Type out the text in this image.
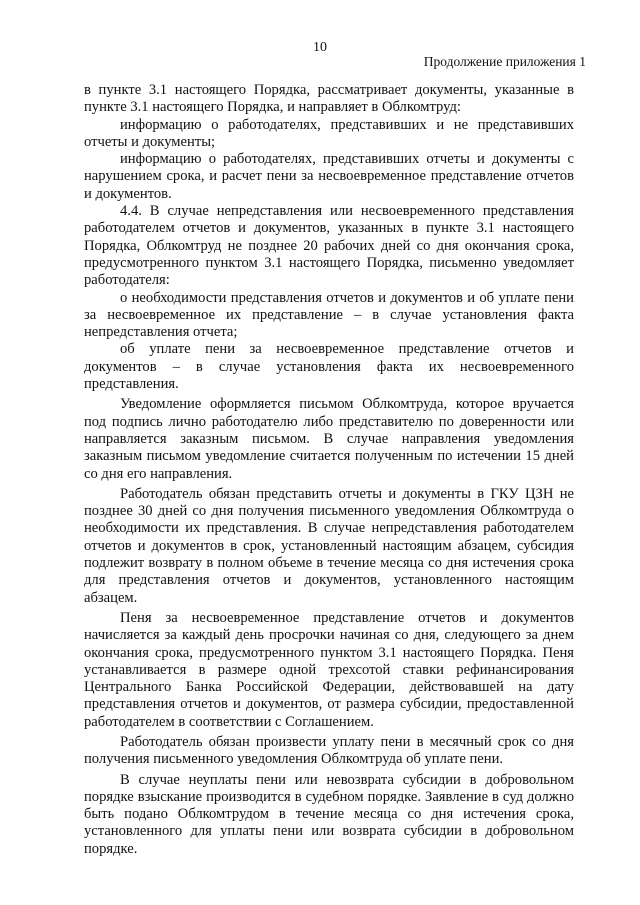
10
Продолжение приложения 1

в пункте 3.1 настоящего Порядка, рассматривает документы, указанные в пункте 3.1 настоящего Порядка, и направляет в Облкомтруд:

информацию о работодателях, представивших и не представивших отчеты и документы;

информацию о работодателях, представивших отчеты и документы с нарушением срока, и расчет пени за несвоевременное представление отчетов и документов.

4.4. В случае непредставления или несвоевременного представления работодателем отчетов и документов, указанных в пункте 3.1 настоящего Порядка, Облкомтруд не позднее 20 рабочих дней со дня окончания срока, предусмотренного пунктом 3.1 настоящего Порядка, письменно уведомляет работодателя:

о необходимости представления отчетов и документов и об уплате пени за несвоевременное их представление – в случае установления факта непредставления отчета;

об уплате пени за несвоевременное представление отчетов и документов – в случае установления факта их несвоевременного представления.

Уведомление оформляется письмом Облкомтруда, которое вручается под подпись лично работодателю либо представителю по доверенности или направляется заказным письмом. В случае направления уведомления заказным письмом уведомление считается полученным по истечении 15 дней со дня его направления.

Работодатель обязан представить отчеты и документы в ГКУ ЦЗН не позднее 30 дней со дня получения письменного уведомления Облкомтруда о необходимости их представления. В случае непредставления работодателем отчетов и документов в срок, установленный настоящим абзацем, субсидия подлежит возврату в полном объеме в течение месяца со дня истечения срока для представления отчетов и документов, установленного настоящим абзацем.

Пеня за несвоевременное представление отчетов и документов начисляется за каждый день просрочки начиная со дня, следующего за днем окончания срока, предусмотренного пунктом 3.1 настоящего Порядка. Пеня устанавливается в размере одной трехсотой ставки рефинансирования Центрального Банка Российской Федерации, действовавшей на дату представления отчетов и документов, от размера субсидии, предоставленной работодателем в соответствии с Соглашением.

Работодатель обязан произвести уплату пени в месячный срок со дня получения письменного уведомления Облкомтруда об уплате пени.

В случае неуплаты пени или невозврата субсидии в добровольном порядке взыскание производится в судебном порядке. Заявление в суд должно быть подано Облкомтрудом в течение месяца со дня истечения срока, установленного для уплаты пени или возврата субсидии в добровольном порядке.
